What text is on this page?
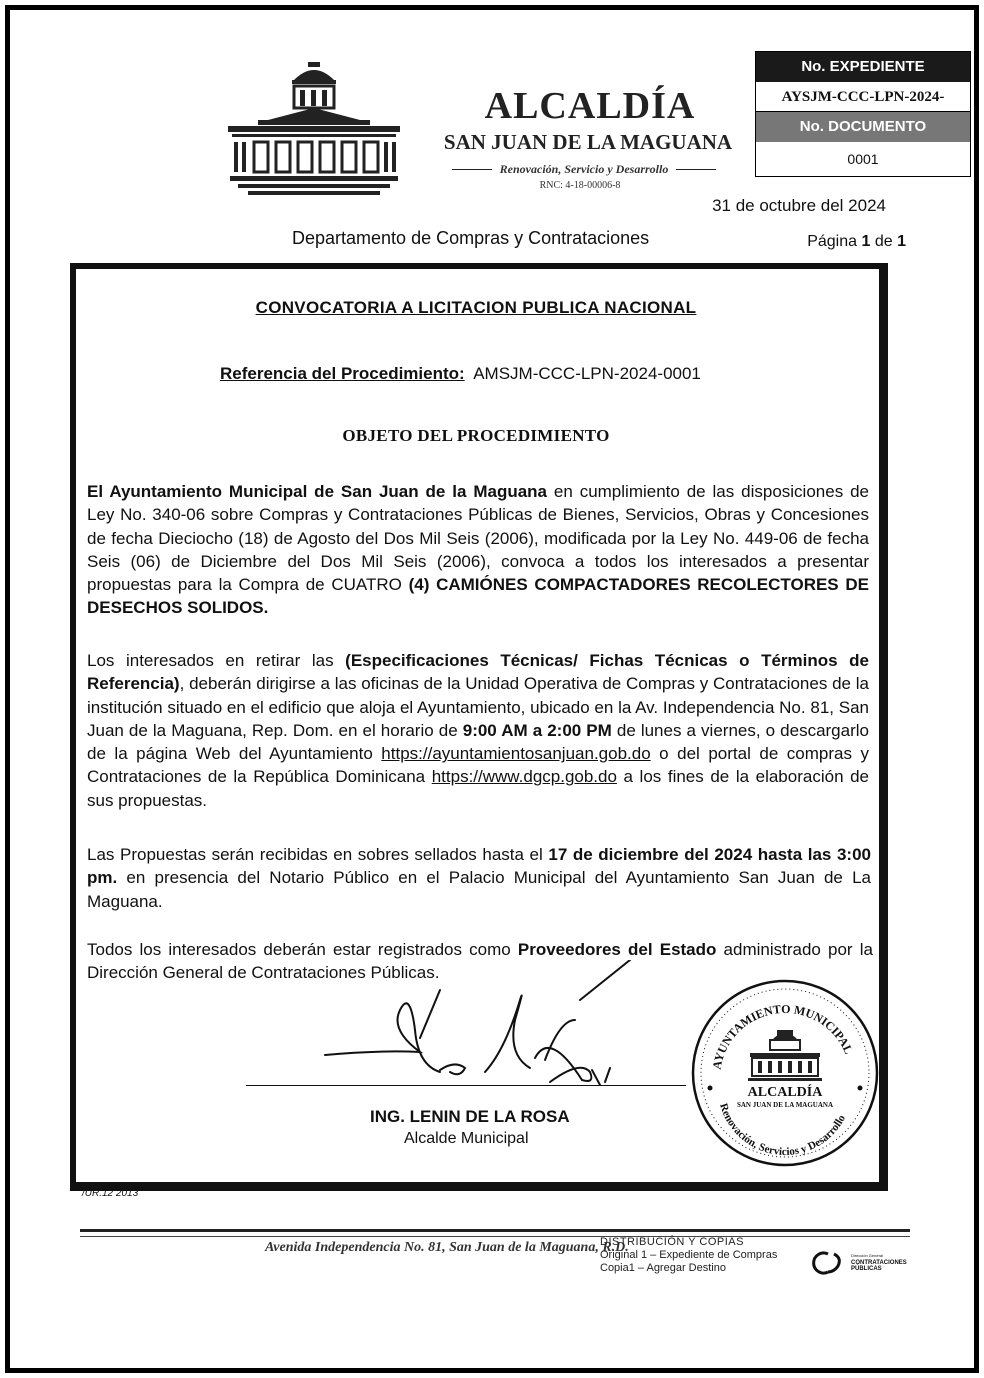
ALCALDÍA
SAN JUAN DE LA MAGUANA
Renovación, Servicio y Desarrollo
RNC: 4-18-00006-8
No. EXPEDIENTE
AYSJM-CCC-LPN-2024-
No. DOCUMENTO
0001
31 de octubre del 2024
Departamento de Compras y Contrataciones	Página 1 de 1
CONVOCATORIA A LICITACION PUBLICA NACIONAL
Referencia del Procedimiento: AMSJM-CCC-LPN-2024-0001
OBJETO DEL PROCEDIMIENTO
El Ayuntamiento Municipal de San Juan de la Maguana en cumplimiento de las disposiciones de Ley No. 340-06 sobre Compras y Contrataciones Públicas de Bienes, Servicios, Obras y Concesiones de fecha Dieciocho (18) de Agosto del Dos Mil Seis (2006), modificada por la Ley No. 449-06 de fecha Seis (06) de Diciembre del Dos Mil Seis (2006), convoca a todos los interesados a presentar propuestas para la Compra de CUATRO (4) CAMIÓNES COMPACTADORES RECOLECTORES DE DESECHOS SOLIDOS.
Los interesados en retirar las (Especificaciones Técnicas/ Fichas Técnicas o Términos de Referencia), deberán dirigirse a las oficinas de la Unidad Operativa de Compras y Contrataciones de la institución situado en el edificio que aloja el Ayuntamiento, ubicado en la Av. Independencia No. 81, San Juan de la Maguana, Rep. Dom. en el horario de 9:00 AM a 2:00 PM de lunes a viernes, o descargarlo de la página Web del Ayuntamiento https://ayuntamientosanjuan.gob.do o del portal de compras y Contrataciones de la República Dominicana https://www.dgcp.gob.do a los fines de la elaboración de sus propuestas.
Las Propuestas serán recibidas en sobres sellados hasta el 17 de diciembre del 2024 hasta las 3:00 pm. en presencia del Notario Público en el Palacio Municipal del Ayuntamiento San Juan de La Maguana.
Todos los interesados deberán estar registrados como Proveedores del Estado administrado por la Dirección General de Contrataciones Públicas.
ING. LENIN DE LA ROSA
Alcalde Municipal
AYUNTAMIENTO MUNICIPAL
Renovación, Servicios y Desarrollo
ALCALDÍA
SAN JUAN DE LA MAGUANA
/UR.12 2013
Avenida Independencia No. 81, San Juan de la Maguana, R.D.
DISTRIBUCIÓN Y COPIAS
Original 1 – Expediente de Compras
Copia1 – Agregar Destino
Dirección General
CONTRATACIONES
PÚBLICAS
